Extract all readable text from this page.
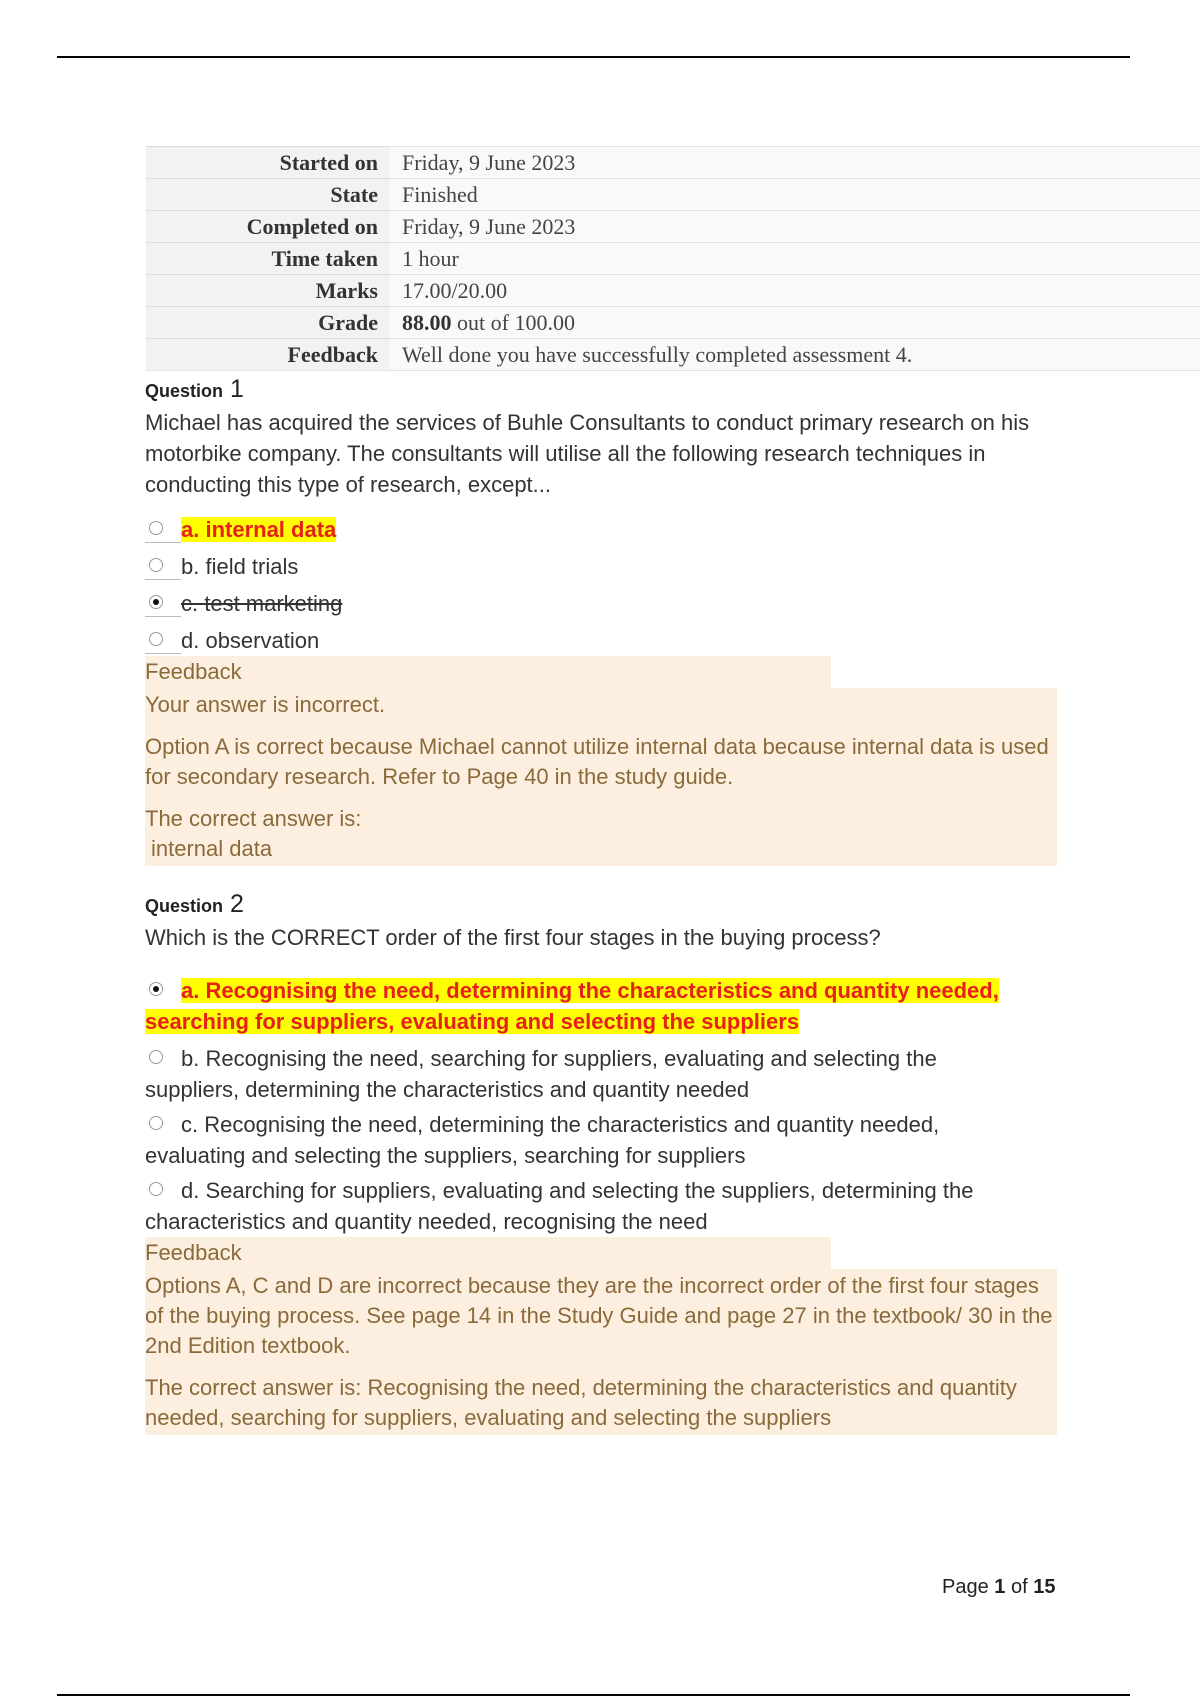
Started on	Friday, 9 June 2023
State	Finished
Completed on	Friday, 9 June 2023
Time taken	1 hour
Marks	17.00/20.00
Grade	88.00 out of 100.00
Feedback	Well done you have successfully completed assessment 4.
Question 1
Michael has acquired the services of Buhle Consultants to conduct primary research on his motorbike company. The consultants will utilise all the following research techniques in conducting this type of research, except...
a. internal data
b. field trials
c. test marketing
d. observation
Feedback

Your answer is incorrect.

Option A is correct because Michael cannot utilize internal data because internal data is used for secondary research. Refer to Page 40 in the study guide.

The correct answer is:

internal data

Question 2
Which is the CORRECT order of the first four stages in the buying process?
a. Recognising the need, determining the characteristics and quantity needed, searching for suppliers, evaluating and selecting the suppliers
b. Recognising the need, searching for suppliers, evaluating and selecting the suppliers, determining the characteristics and quantity needed
c. Recognising the need, determining the characteristics and quantity needed, evaluating and selecting the suppliers, searching for suppliers
d. Searching for suppliers, evaluating and selecting the suppliers, determining the characteristics and quantity needed, recognising the need
Feedback

Options A, C and D are incorrect because they are the incorrect order of the first four stages of the buying process. See page 14 in the Study Guide and page 27 in the textbook/ 30 in the 2nd Edition textbook.

The correct answer is: Recognising the need, determining the characteristics and quantity needed, searching for suppliers, evaluating and selecting the suppliers

Page 1 of 15
